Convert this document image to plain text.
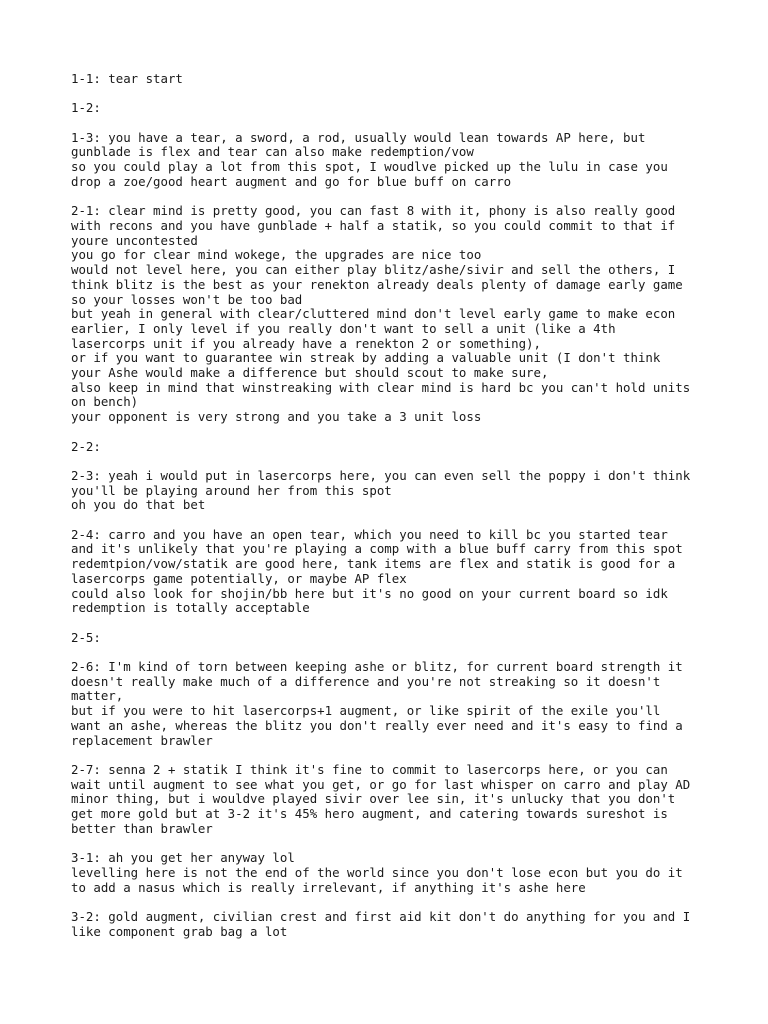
1-1: tear start
1-2:
1-3: you have a tear, a sword, a rod, usually would lean towards AP here, but
gunblade is flex and tear can also make redemption/vow
so you could play a lot from this spot, I woudlve picked up the lulu in case you
drop a zoe/good heart augment and go for blue buff on carro
2-1: clear mind is pretty good, you can fast 8 with it, phony is also really good
with recons and you have gunblade + half a statik, so you could commit to that if
youre uncontested
you go for clear mind wokege, the upgrades are nice too
would not level here, you can either play blitz/ashe/sivir and sell the others, I
think blitz is the best as your renekton already deals plenty of damage early game
so your losses won't be too bad
but yeah in general with clear/cluttered mind don't level early game to make econ
earlier, I only level if you really don't want to sell a unit (like a 4th
lasercorps unit if you already have a renekton 2 or something),
or if you want to guarantee win streak by adding a valuable unit (I don't think
your Ashe would make a difference but should scout to make sure,
also keep in mind that winstreaking with clear mind is hard bc you can't hold units
on bench)
your opponent is very strong and you take a 3 unit loss
2-2:
2-3: yeah i would put in lasercorps here, you can even sell the poppy i don't think
you'll be playing around her from this spot
oh you do that bet
2-4: carro and you have an open tear, which you need to kill bc you started tear
and it's unlikely that you're playing a comp with a blue buff carry from this spot
redemtpion/vow/statik are good here, tank items are flex and statik is good for a
lasercorps game potentially, or maybe AP flex
could also look for shojin/bb here but it's no good on your current board so idk
redemption is totally acceptable
2-5:
2-6: I'm kind of torn between keeping ashe or blitz, for current board strength it
doesn't really make much of a difference and you're not streaking so it doesn't
matter,
but if you were to hit lasercorps+1 augment, or like spirit of the exile you'll
want an ashe, whereas the blitz you don't really ever need and it's easy to find a
replacement brawler
2-7: senna 2 + statik I think it's fine to commit to lasercorps here, or you can
wait until augment to see what you get, or go for last whisper on carro and play AD
minor thing, but i wouldve played sivir over lee sin, it's unlucky that you don't
get more gold but at 3-2 it's 45% hero augment, and catering towards sureshot is
better than brawler
3-1: ah you get her anyway lol
levelling here is not the end of the world since you don't lose econ but you do it
to add a nasus which is really irrelevant, if anything it's ashe here
3-2: gold augment, civilian crest and first aid kit don't do anything for you and I
like component grab bag a lot
